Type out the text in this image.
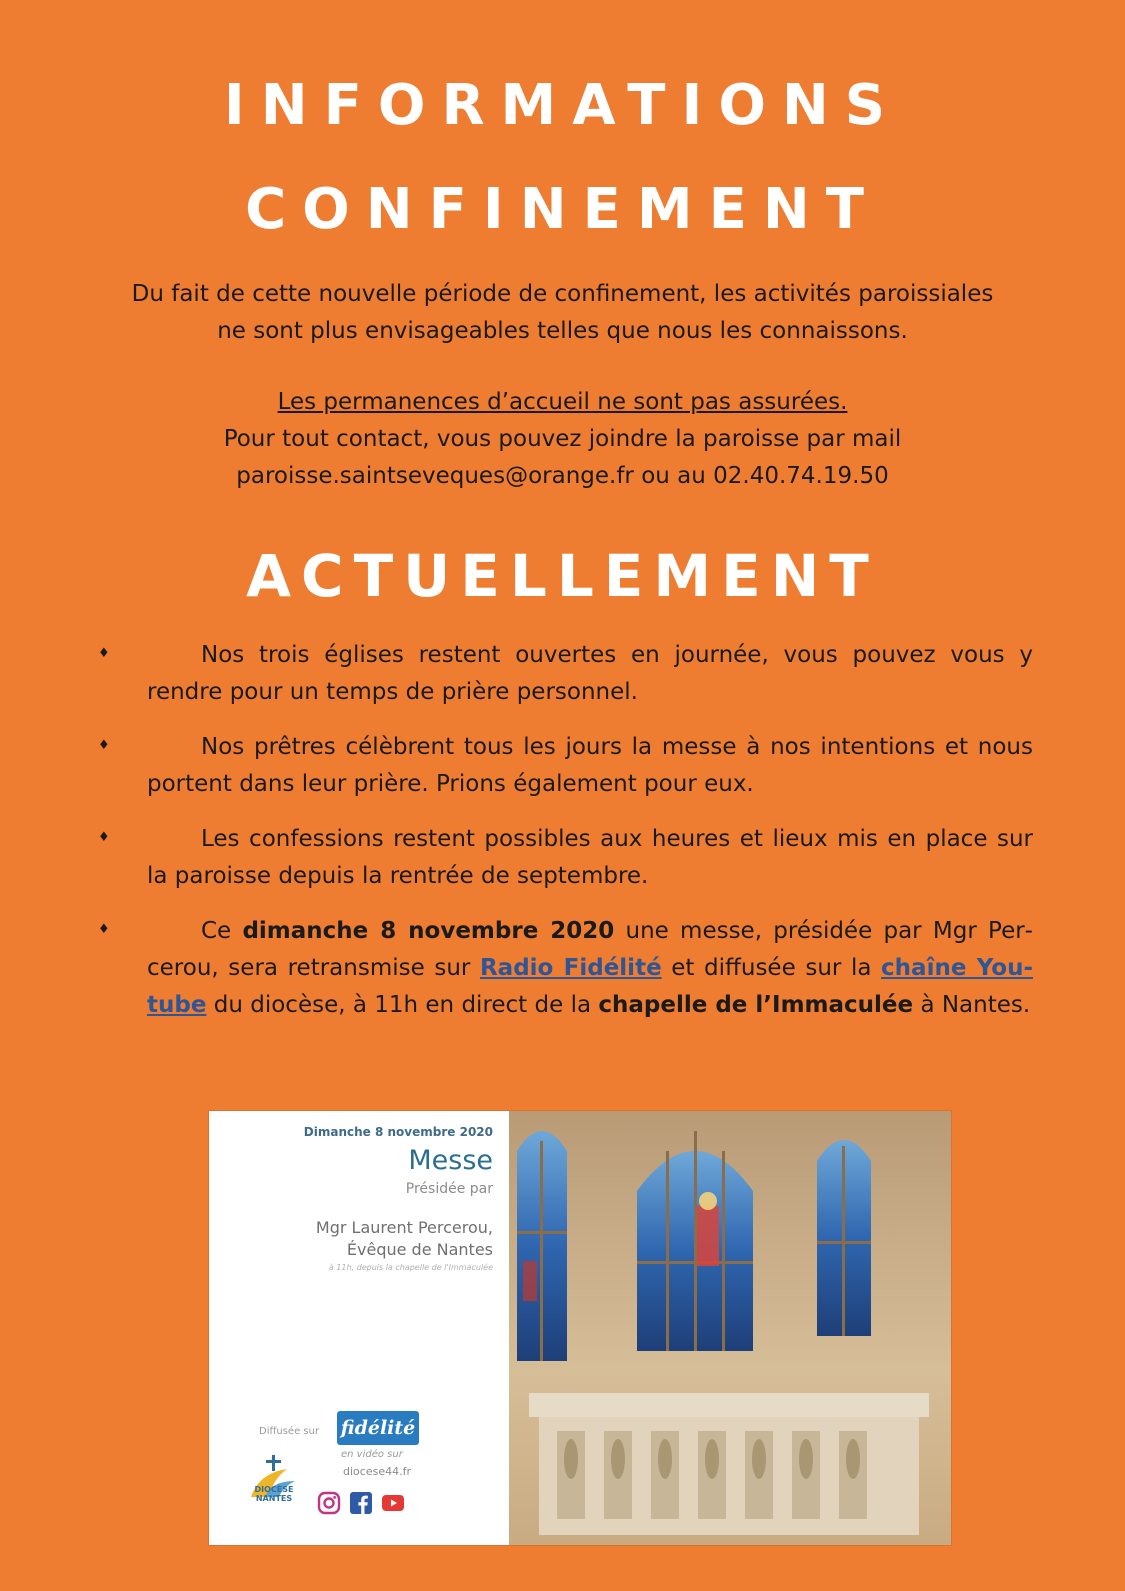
INFORMATIONS
CONFINEMENT
Du fait de cette nouvelle période de confinement, les activités paroissiales
ne sont plus envisageables telles que nous les connaissons.
Les permanences d’accueil ne sont pas assurées.
Pour tout contact, vous pouvez joindre la paroisse par mail
paroisse.saintseveques@orange.fr ou au 02.40.74.19.50
ACTUELLEMENT
♦	Nos trois églises restent ouvertes en journée, vous pouvez vous y rendre pour un temps de prière personnel.
♦	Nos prêtres célèbrent tous les jours la messe à nos intentions et nous portent dans leur prière. Prions également pour eux.
♦	Les confessions restent possibles aux heures et lieux mis en place sur la paroisse depuis la rentrée de septembre.
♦	Ce dimanche 8 novembre 2020 une messe, présidée par Mgr Percerou, sera retransmise sur Radio Fidélité et diffusée sur la chaîne Youtube du diocèse, à 11h en direct de la chapelle de l’Immaculée à Nantes.
Dimanche 8 novembre 2020
Messe
Présidée par
Mgr Laurent Percerou,
Évêque de Nantes
à 11h, depuis la chapelle de l'Immaculée
Diffusée sur fidélité
en vidéo sur
diocese44.fr
DIOCÈSE
NANTES
